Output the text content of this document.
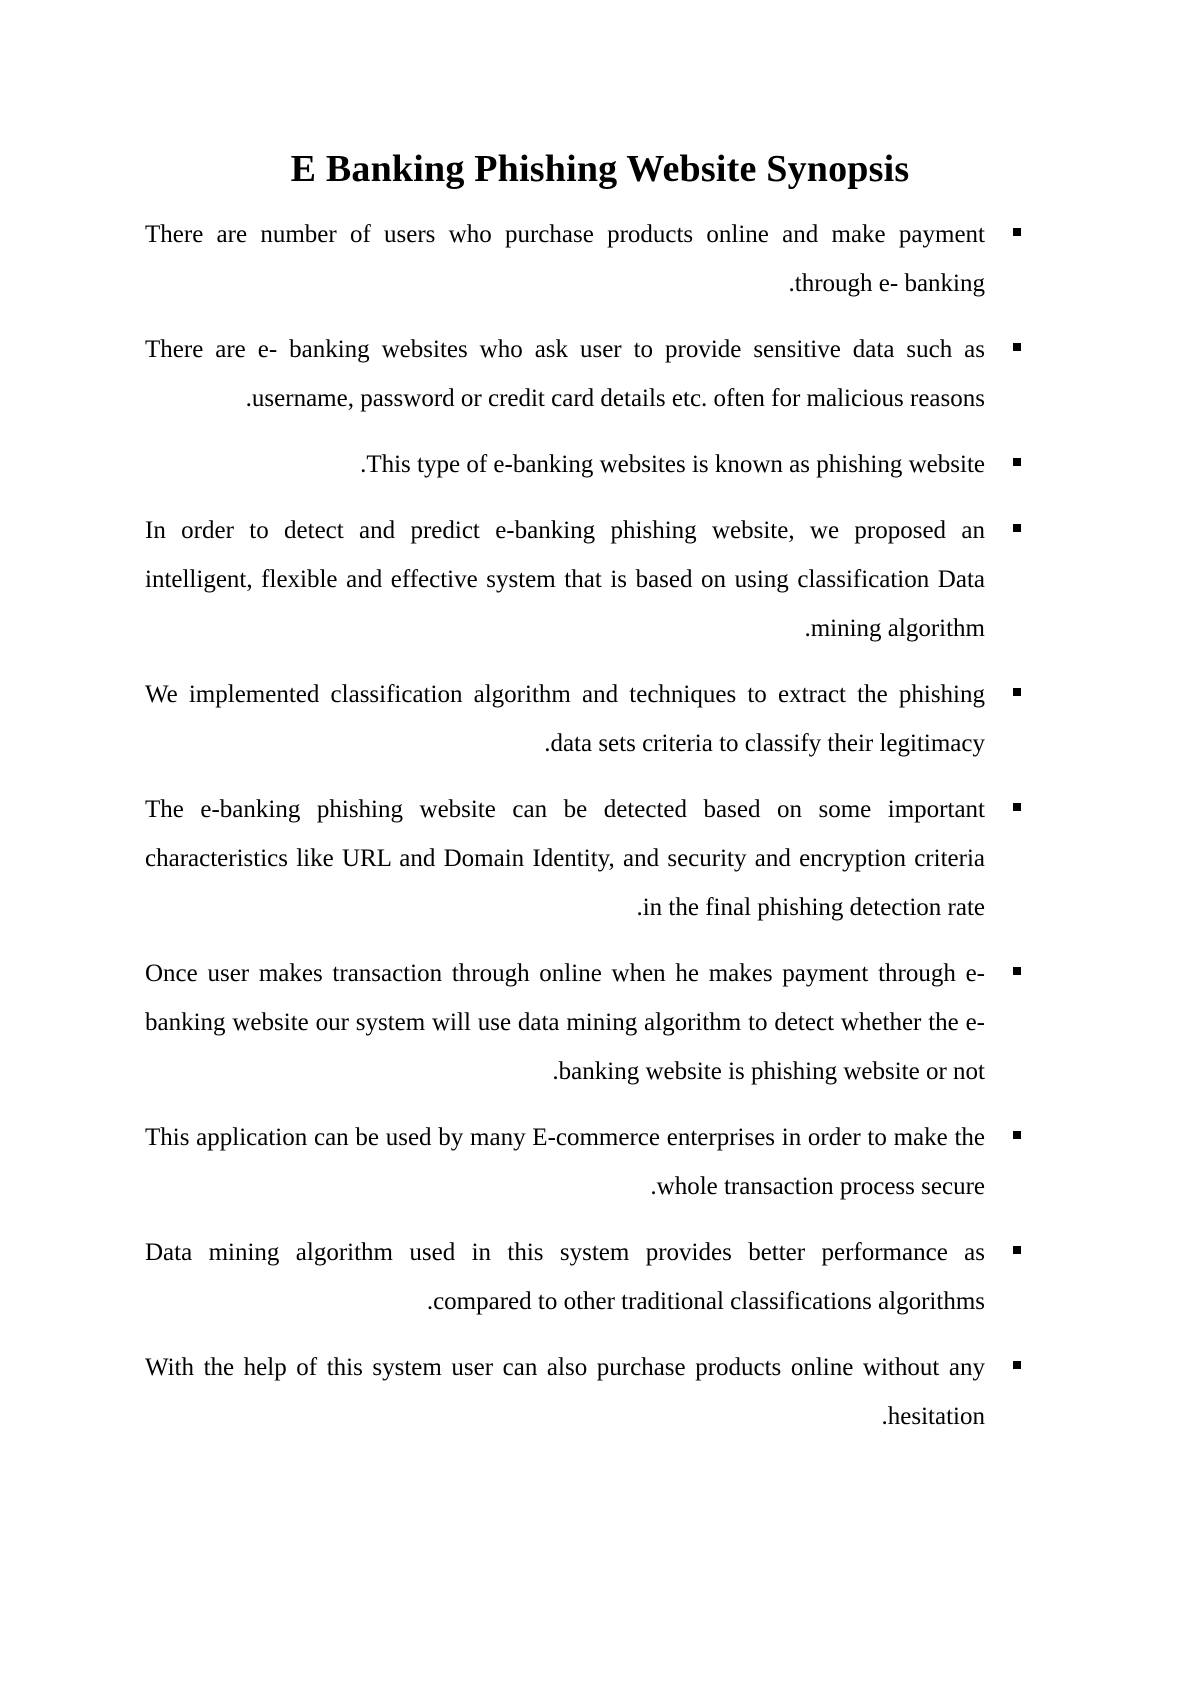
E Banking Phishing Website Synopsis
There are number of users who purchase products online and make payment through e- banking.
There are e- banking websites who ask user to provide sensitive data such as username, password or credit card details etc. often for malicious reasons.
This type of e-banking websites is known as phishing website.
In order to detect and predict e-banking phishing website, we proposed an intelligent, flexible and effective system that is based on using classification Data mining algorithm.
We implemented classification algorithm and techniques to extract the phishing data sets criteria to classify their legitimacy.
The e-banking phishing website can be detected based on some important characteristics like URL and Domain Identity, and security and encryption criteria in the final phishing detection rate.
Once user makes transaction through online when he makes payment through e-banking website our system will use data mining algorithm to detect whether the e-banking website is phishing website or not.
This application can be used by many E-commerce enterprises in order to make the whole transaction process secure.
Data mining algorithm used in this system provides better performance as compared to other traditional classifications algorithms.
With the help of this system user can also purchase products online without any hesitation.
